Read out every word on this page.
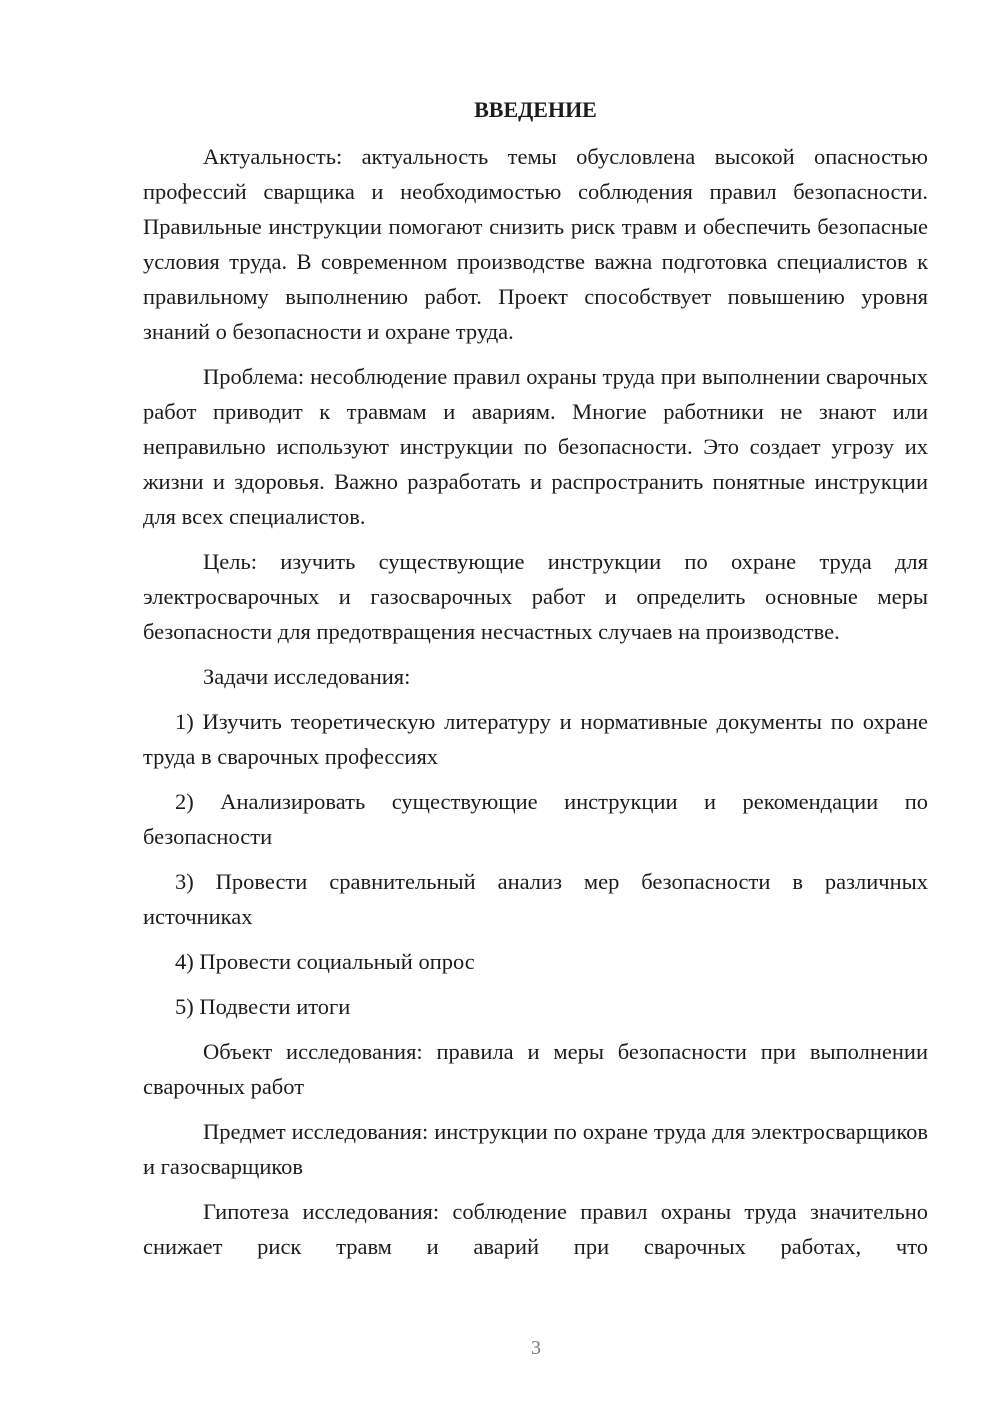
ВВЕДЕНИЕ

Актуальность: актуальность темы обусловлена высокой опасностью профессий сварщика и необходимостью соблюдения правил безопасности. Правильные инструкции помогают снизить риск травм и обеспечить безопасные условия труда. В современном производстве важна подготовка специалистов к правильному выполнению работ. Проект способствует повышению уровня знаний о безопасности и охране труда.

Проблема: несоблюдение правил охраны труда при выполнении сварочных работ приводит к травмам и авариям. Многие работники не знают или неправильно используют инструкции по безопасности. Это создает угрозу их жизни и здоровья. Важно разработать и распространить понятные инструкции для всех специалистов.

Цель: изучить существующие инструкции по охране труда для электросварочных и газосварочных работ и определить основные меры безопасности для предотвращения несчастных случаев на производстве.

Задачи исследования:

1) Изучить теоретическую литературу и нормативные документы по охране труда в сварочных профессиях

2) Анализировать существующие инструкции и рекомендации по безопасности

3) Провести сравнительный анализ мер безопасности в различных источниках

4) Провести социальный опрос

5) Подвести итоги

Объект исследования: правила и меры безопасности при выполнении сварочных работ

Предмет исследования: инструкции по охране труда для электросварщиков и газосварщиков

Гипотеза исследования: соблюдение правил охраны труда значительно снижает риск травм и аварий при сварочных работах, что

3
